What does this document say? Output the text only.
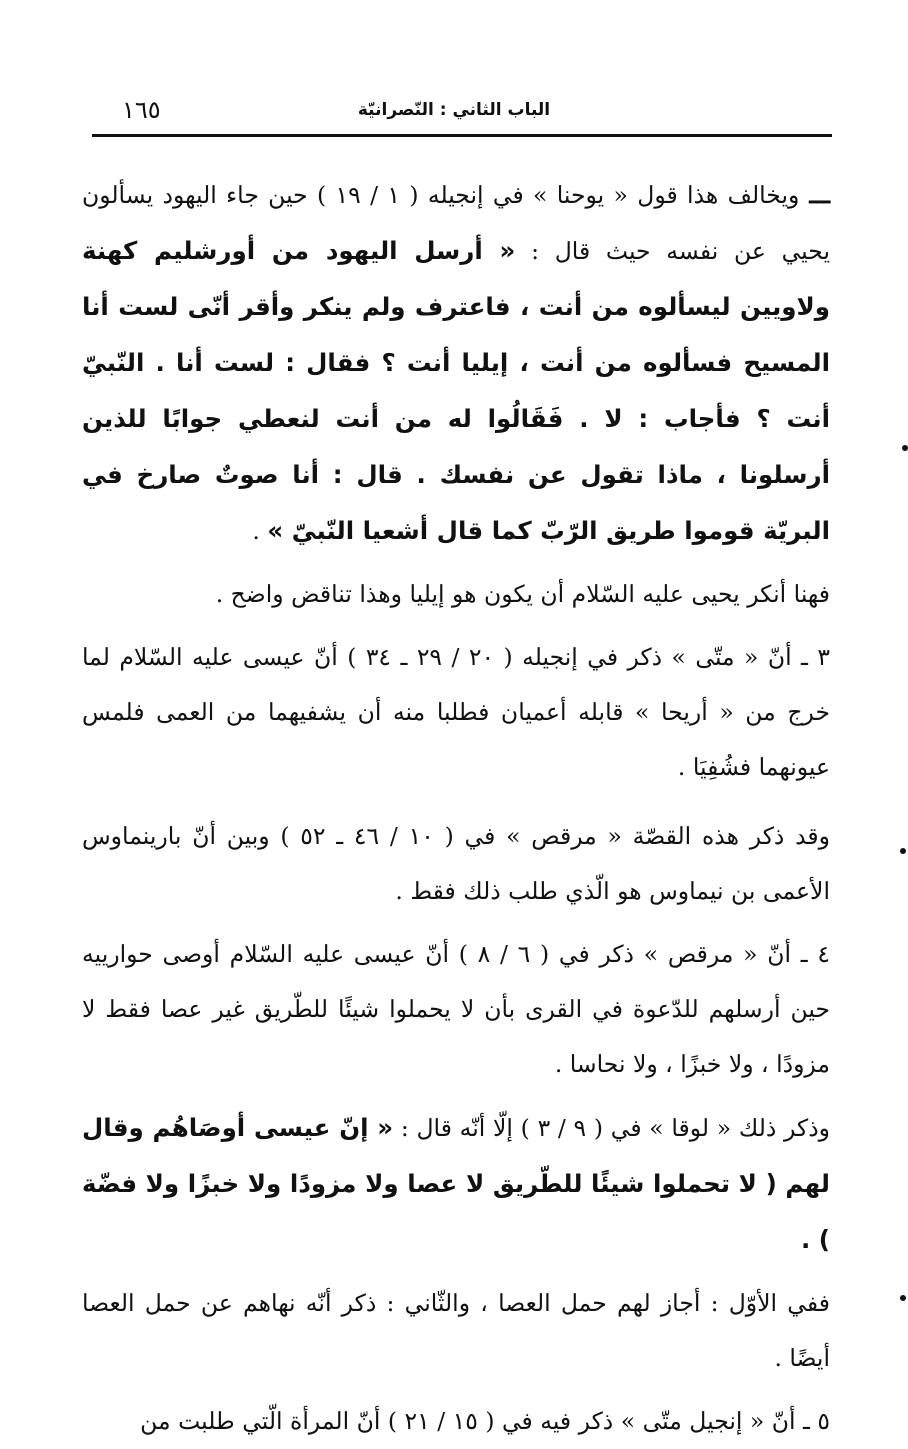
١٦٥	الباب الثاني : النّصرانيّة

ـــويخالف هذا قول « يوحنا » في إنجيله ( ١ / ١٩ ) حين جاء اليهود يسألون يحيي عن نفسه حيث قال : « أرسل اليهود من أورشليم كهنة ولاويين ليسألوه من أنت ، فاعترف ولم ينكر وأقر أنّى لست أنا المسيح فسألوه من أنت ، إيليا أنت ؟ فقال : لست أنا . النّبيّ أنت ؟ فأجاب : لا . فَقَالُوا له من أنت لنعطي جوابًا للذين أرسلونا ، ماذا تقول عن نفسك . قال : أنا صوتٌ صارخ في البريّة قوموا طريق الرّبّ كما قال أشعيا النّبيّ » .

فهنا أنكر يحيى عليه السّلام أن يكون هو إيليا وهذا تناقض واضح .

٣ ـ أنّ « متّى » ذكر في إنجيله ( ٢٠ / ٢٩ ـ ٣٤ ) أنّ عيسى عليه السّلام لما خرج من « أريحا » قابله أعميان فطلبا منه أن يشفيهما من العمى فلمس عيونهما فشُفِيَا .

وقد ذكر هذه القصّة « مرقص » في ( ١٠ / ٤٦ ـ ٥٢ ) وبين أنّ بارينماوس الأعمى بن نيماوس هو الّذي طلب ذلك فقط .

٤ ـ أنّ « مرقص » ذكر في ( ٦ / ٨ ) أنّ عيسى عليه السّلام أوصى حوارييه حين أرسلهم للدّعوة في القرى بأن لا يحملوا شيئًا للطّريق غير عصا فقط لا مزودًا ، ولا خبزًا ، ولا نحاسا .

وذكر ذلك « لوقا » في ( ٩ / ٣ ) إلّا أنّه قال : « إنّ عيسى أوصَاهُم وقال لهم ( لا تحملوا شيئًا للطّريق لا عصا ولا مزودًا ولا خبزًا ولا فضّة ) .

ففي الأوّل : أجاز لهم حمل العصا ، والثّاني : ذكر أنّه نهاهم عن حمل العصا أيضًا .

٥ ـ أنّ « إنجيل متّى » ذكر فيه في ( ١٥ / ٢١ ) أنّ المرأة الّتي طلبت من
